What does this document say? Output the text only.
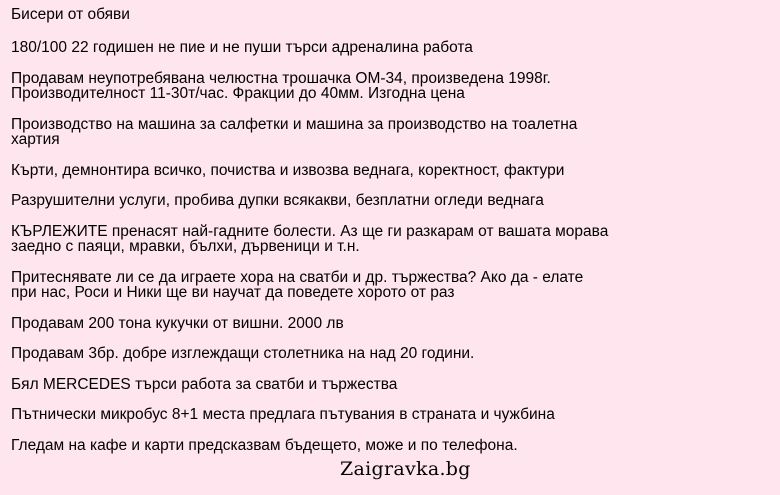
Бисери от обяви
180/100 22 годишен не пие и не пуши търси адреналина работа
Продавам неупотребявана челюстна трошачка ОМ-34, произведена 1998г.
Производителност 11-30т/час. Фракции до 40мм. Изгодна цена
Производство на машина за салфетки и машина за производство на тоалетна
хартия
Кърти, демнонтира всичко, почиства и извозва веднага, коректност, фактури
Разрушителни услуги, пробива дупки всякакви, безплатни огледи веднага
КЪРЛЕЖИТЕ пренасят най-гадните болести. Аз ще ги разкарам от вашата морава
заедно с паяци, мравки, бълхи, дървеници и т.н.
Притесняватe ли се да играете хора на сватби и др. тържества? Ако да - елате
при нас, Роси и Ники ще ви научат да поведете хорото от раз
Продавам 200 тона кукучки от вишни. 2000 лв
Продавам 3бр. добре изглеждащи столетника на над 20 години.
Бял MERCEDES търси работа за сватби и тържества
Пътнически микробус 8+1 места предлага пътувания в страната и чужбина
Гледам на кафе и карти предсказвам бъдещето, може и по телефона.
Zaigravka.bg
